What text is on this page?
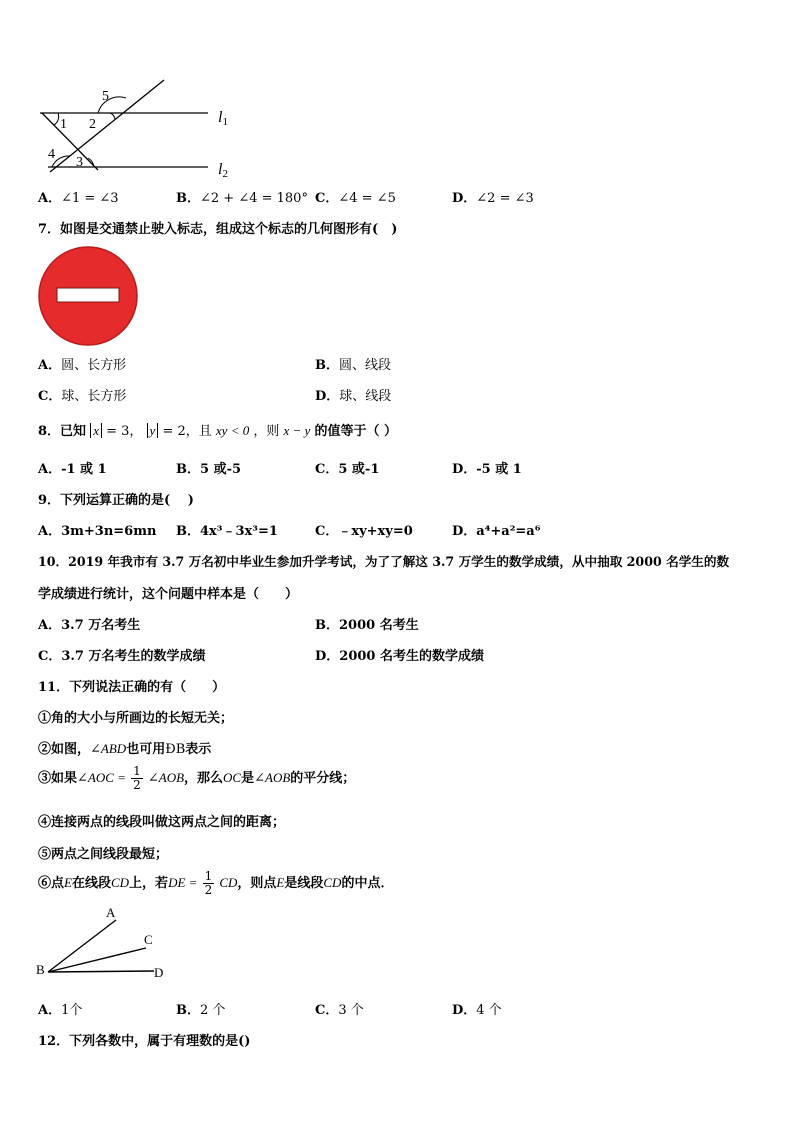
5
1 2
4
3
l1
l2
A．∠1 = ∠3	B．∠2 + ∠4 = 180° C．∠4 = ∠5	D．∠2 = ∠3
7．如图是交通禁止驶入标志，组成这个标志的几何图形有(　)
A．圆、长方形	B．圆、线段
C．球、长方形	D．球、线段
8．已知 x = 3， y = 2，且 xy < 0 ，则 x − y 的值等于（ ）
A．-1 或 1	B．5 或-5	C．5 或-1	D．-5 或 1
9．下列运算正确的是(　 )
A．3m+3n=6mn B．4x³﹣3x³=1	C．﹣xy+xy=0	D．a⁴+a²=a⁶
10．2019 年我市有 3.7 万名初中毕业生参加升学考试，为了了解这 3.7 万学生的数学成绩，从中抽取 2000 名学生的数
学成绩进行统计，这个问题中样本是（　　）
A．3.7 万名考生	B．2000 名考生
C．3.7 万名考生的数学成绩	D．2000 名考生的数学成绩
11．下列说法正确的有（　　）
①角的大小与所画边的长短无关；
②如图，∠ABD也可用ÐB表示
③如果∠AOC = $\frac{1}{2}$ ∠AOB，那么OC是∠AOB的平分线；
④连接两点的线段叫做这两点之间的距离；
⑤两点之间线段最短；
⑥点E在线段CD上，若DE = $\frac{1}{2}$ CD，则点E是线段CD的中点．
A
C
B	D
A．1个	B．2 个	C．3 个	D．4 个
12．下列各数中，属于有理数的是()
